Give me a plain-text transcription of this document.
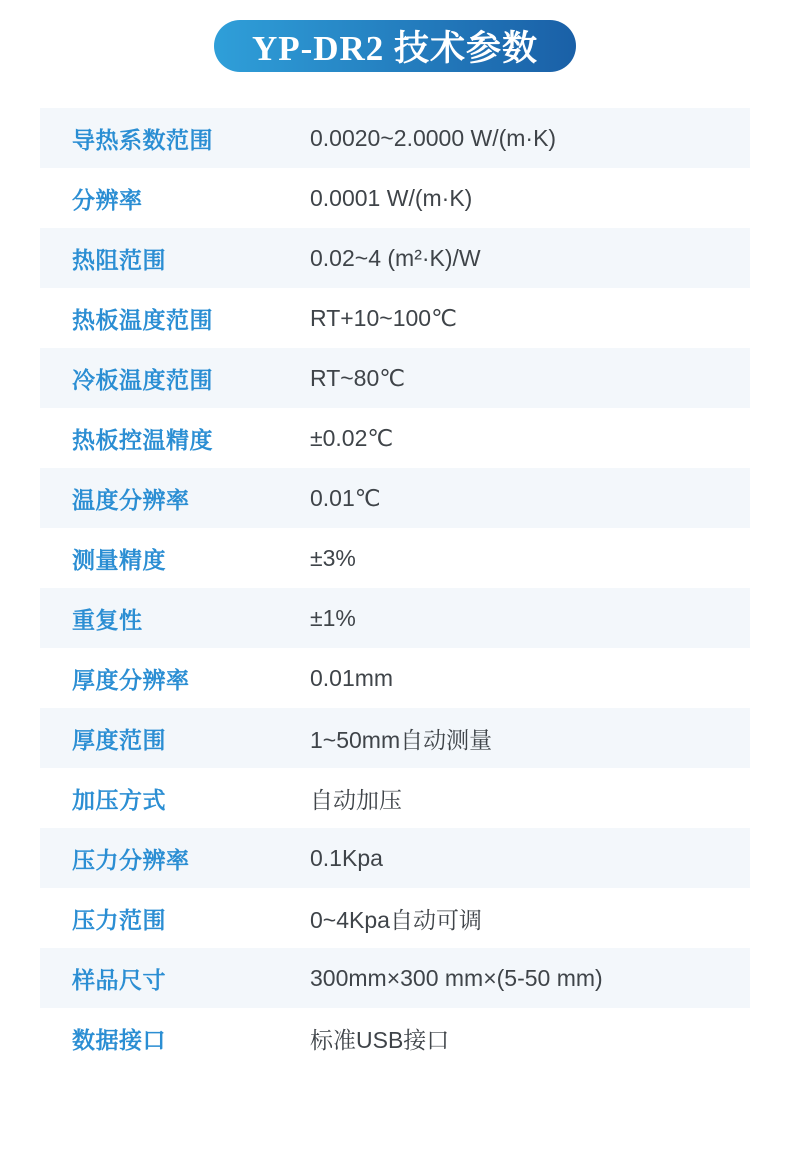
YP-DR2 技术参数
导热系数范围	0.0020~2.0000 W/(m·K)
分辨率	0.0001 W/(m·K)
热阻范围	0.02~4 (m²·K)/W
热板温度范围	RT+10~100℃
冷板温度范围	RT~80℃
热板控温精度	±0.02℃
温度分辨率	0.01℃
测量精度	±3%
重复性	±1%
厚度分辨率	0.01mm
厚度范围	1~50mm自动测量
加压方式	自动加压
压力分辨率	0.1Kpa
压力范围	0~4Kpa自动可调
样品尺寸	300mm×300 mm×(5-50 mm)
数据接口	标准USB接口
